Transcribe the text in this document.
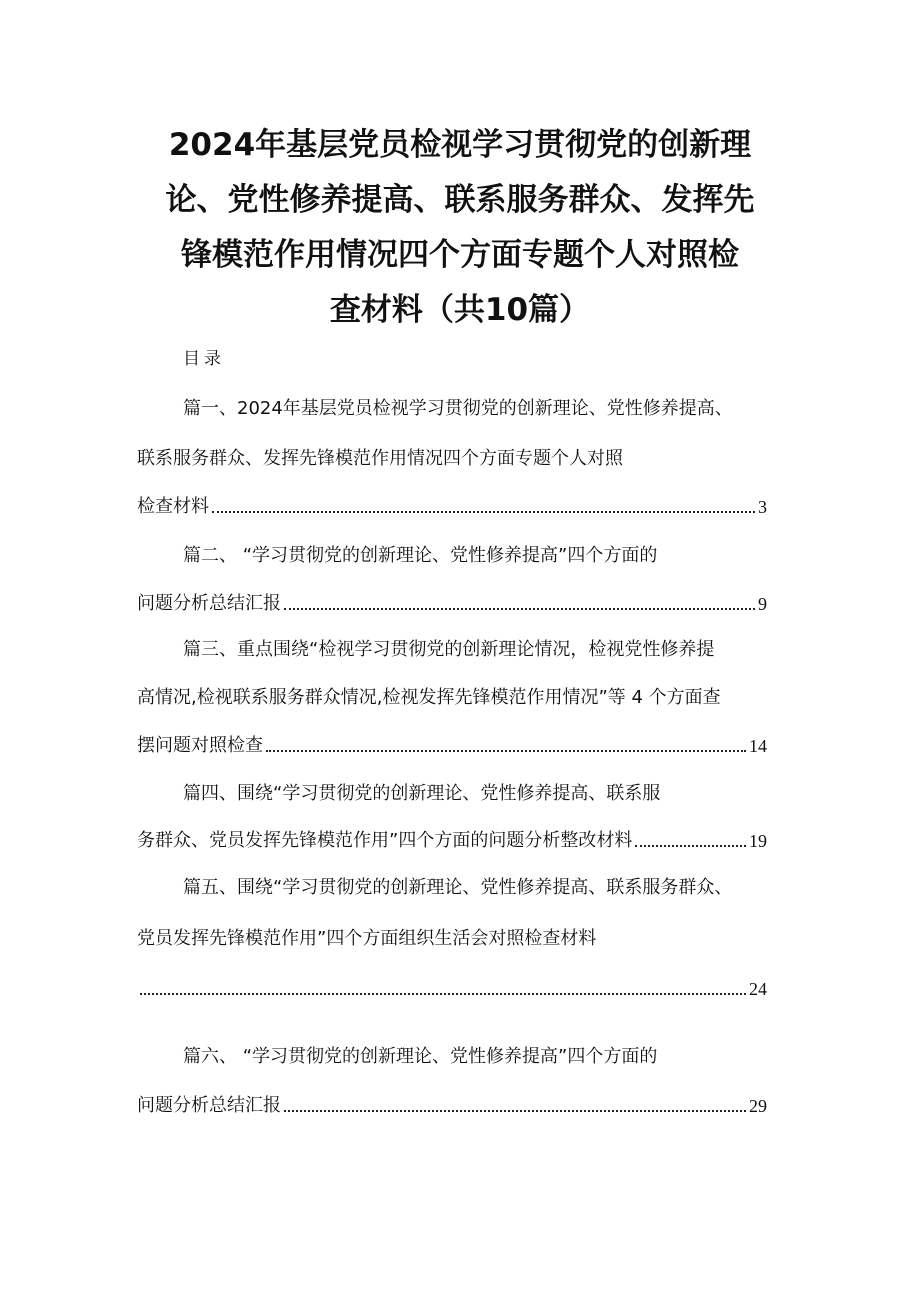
2024年基层党员检视学习贯彻党的创新理
论、党性修养提高、联系服务群众、发挥先
锋模范作用情况四个方面专题个人对照检
查材料（共10篇）
目录
篇一、2024年基层党员检视学习贯彻党的创新理论、党性修养提高、
联系服务群众、发挥先锋模范作用情况四个方面专题个人对照
检查材料	3
篇二、 “学习贯彻党的创新理论、党性修养提高”四个方面的
问题分析总结汇报	9
篇三、重点围绕“检视学习贯彻党的创新理论情况，检视党性修养提
高情况,检视联系服务群众情况,检视发挥先锋模范作用情况”等 4 个方面查
摆问题对照检查	14
篇四、围绕“学习贯彻党的创新理论、党性修养提高、联系服
务群众、党员发挥先锋模范作用”四个方面的问题分析整改材料	19
篇五、围绕“学习贯彻党的创新理论、党性修养提高、联系服务群众、
党员发挥先锋模范作用”四个方面组织生活会对照检查材料
24
篇六、 “学习贯彻党的创新理论、党性修养提高”四个方面的
问题分析总结汇报	29
